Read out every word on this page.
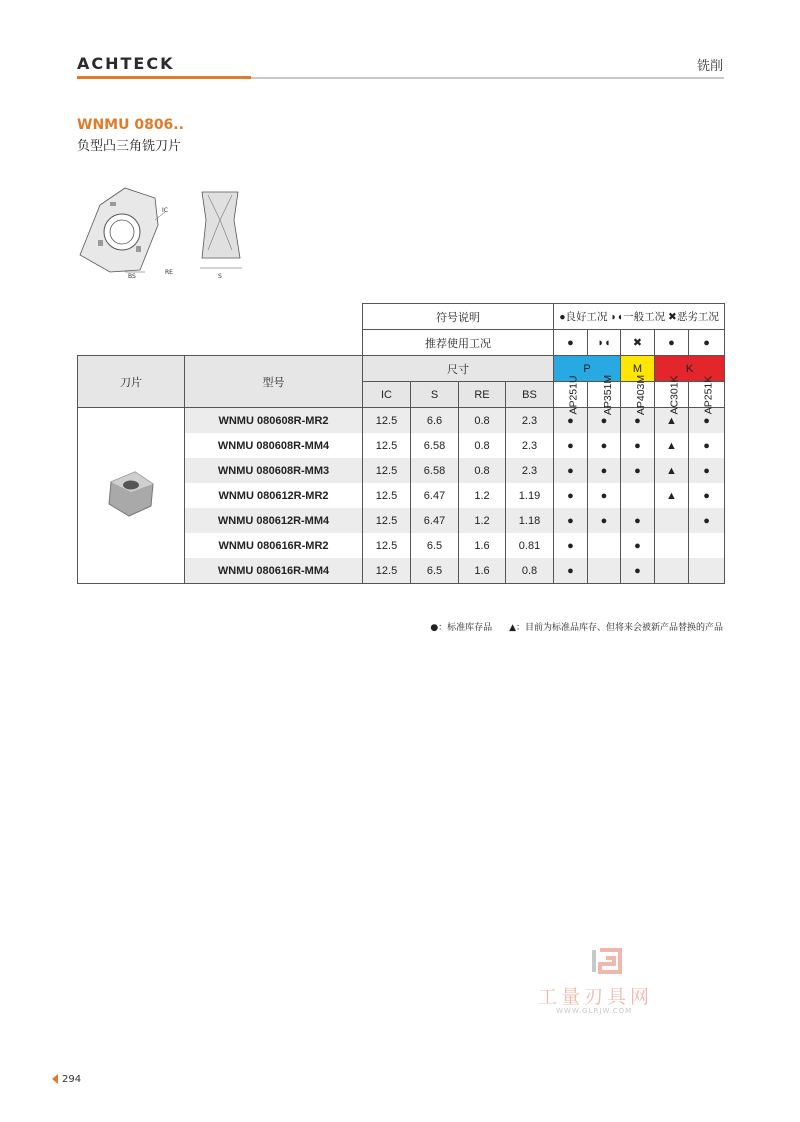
ACHTECK	铣削
WNMU 0806..
负型凸三角铣刀片
IC
RE
BS	S
		符号说明				●良好工况 ◗◖一般工况 ✖恶劣工况				
		推荐使用工况				●	◗◖	✖	●	●
刀片	型号	尺寸				P		M	K	
		IC	S	RE	BS	AP251U	AP351M	AP403M	AC301K	AP251K
	WNMU 080608R-MR2	12.5	6.6	0.8	2.3	●	●	●	▲	●
	WNMU 080608R-MM4	12.5	6.58	0.8	2.3	●	●	●	▲	●
	WNMU 080608R-MM3	12.5	6.58	0.8	2.3	●	●	●	▲	●
	WNMU 080612R-MR2	12.5	6.47	1.2	1.19	●	●		▲	●
	WNMU 080612R-MM4	12.5	6.47	1.2	1.18	●	●	●		●
	WNMU 080616R-MR2	12.5	6.5	1.6	0.81	●		●		
	WNMU 080616R-MM4	12.5	6.5	1.6	0.8	●		●		
●：标准库存品 ▲：目前为标准品库存、但将来会被新产品替换的产品
工量刃具网
WWW.GLRJW.COM
294
